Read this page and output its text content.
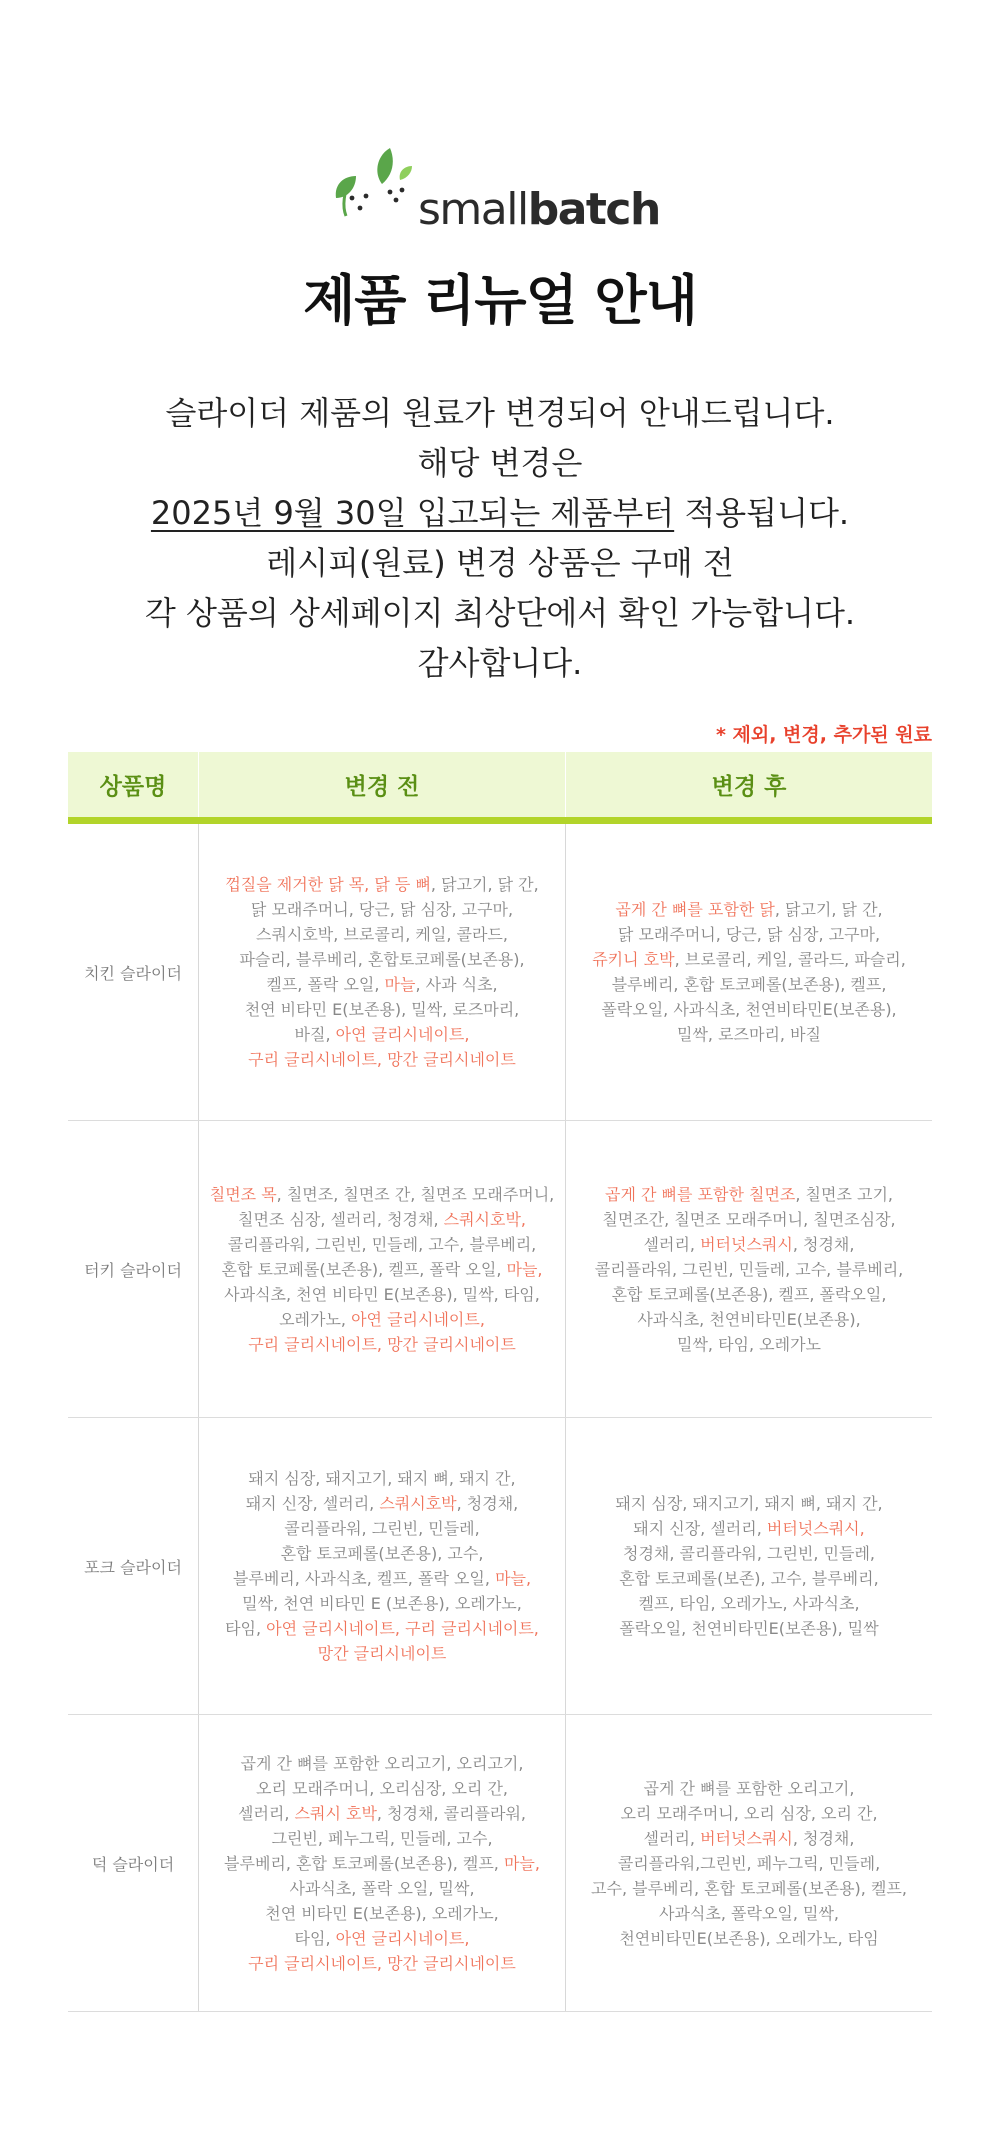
smallbatch
제품 리뉴얼 안내
슬라이더 제품의 원료가 변경되어 안내드립니다.
해당 변경은
2025년 9월 30일 입고되는 제품부터 적용됩니다.
레시피(원료) 변경 상품은 구매 전
각 상품의 상세페이지 최상단에서 확인 가능합니다.
감사합니다.
* 제외, 변경, 추가된 원료
상품명	변경 전	변경 후
치킨 슬라이더
껍질을 제거한 닭 목, 닭 등 뼈, 닭고기, 닭 간,
닭 모래주머니, 당근, 닭 심장, 고구마,
스쿼시호박, 브로콜리, 케일, 콜라드,
파슬리, 블루베리, 혼합토코페롤(보존용),
켈프, 폴락 오일, 마늘, 사과 식초,
천연 비타민 E(보존용), 밀싹, 로즈마리,
바질, 아연 글리시네이트,
구리 글리시네이트, 망간 글리시네이트
곱게 간 뼈를 포함한 닭, 닭고기, 닭 간,
닭 모래주머니, 당근, 닭 심장, 고구마,
쥬키니 호박, 브로콜리, 케일, 콜라드, 파슬리,
블루베리, 혼합 토코페롤(보존용), 켈프,
폴락오일, 사과식초, 천연비타민E(보존용),
밀싹, 로즈마리, 바질
터키 슬라이더
칠면조 목, 칠면조, 칠면조 간, 칠면조 모래주머니,
칠면조 심장, 셀러리, 청경채, 스쿼시호박,
콜리플라워, 그린빈, 민들레, 고수, 블루베리,
혼합 토코페롤(보존용), 켈프, 폴락 오일, 마늘,
사과식초, 천연 비타민 E(보존용), 밀싹, 타임,
오레가노, 아연 글리시네이트,
구리 글리시네이트, 망간 글리시네이트
곱게 간 뼈를 포함한 칠면조, 칠면조 고기,
칠면조간, 칠면조 모래주머니, 칠면조심장,
셀러리, 버터넛스쿼시, 청경채,
콜리플라워, 그린빈, 민들레, 고수, 블루베리,
혼합 토코페롤(보존용), 켈프, 폴락오일,
사과식초, 천연비타민E(보존용),
밀싹, 타임, 오레가노
포크 슬라이더
돼지 심장, 돼지고기, 돼지 뼈, 돼지 간,
돼지 신장, 셀러리, 스쿼시호박, 청경채,
콜리플라워, 그린빈, 민들레,
혼합 토코페롤(보존용), 고수,
블루베리, 사과식초, 켈프, 폴락 오일, 마늘,
밀싹, 천연 비타민 E (보존용), 오레가노,
타임, 아연 글리시네이트, 구리 글리시네이트,
망간 글리시네이트
돼지 심장, 돼지고기, 돼지 뼈, 돼지 간,
돼지 신장, 셀러리, 버터넛스쿼시,
청경채, 콜리플라워, 그린빈, 민들레,
혼합 토코페롤(보존), 고수, 블루베리,
켈프, 타임, 오레가노, 사과식초,
폴락오일, 천연비타민E(보존용), 밀싹
덕 슬라이더
곱게 간 뼈를 포함한 오리고기, 오리고기,
오리 모래주머니, 오리심장, 오리 간,
셀러리, 스쿼시 호박, 청경채, 콜리플라워,
그린빈, 페누그릭, 민들레, 고수,
블루베리, 혼합 토코페롤(보존용), 켈프, 마늘,
사과식초, 폴락 오일, 밀싹,
천연 비타민 E(보존용), 오레가노,
타임, 아연 글리시네이트,
구리 글리시네이트, 망간 글리시네이트
곱게 간 뼈를 포함한 오리고기,
오리 모래주머니, 오리 심장, 오리 간,
셀러리, 버터넛스쿼시, 청경채,
콜리플라워,그린빈, 페누그릭, 민들레,
고수, 블루베리, 혼합 토코페롤(보존용), 켈프,
사과식초, 폴락오일, 밀싹,
천연비타민E(보존용), 오레가노, 타임
